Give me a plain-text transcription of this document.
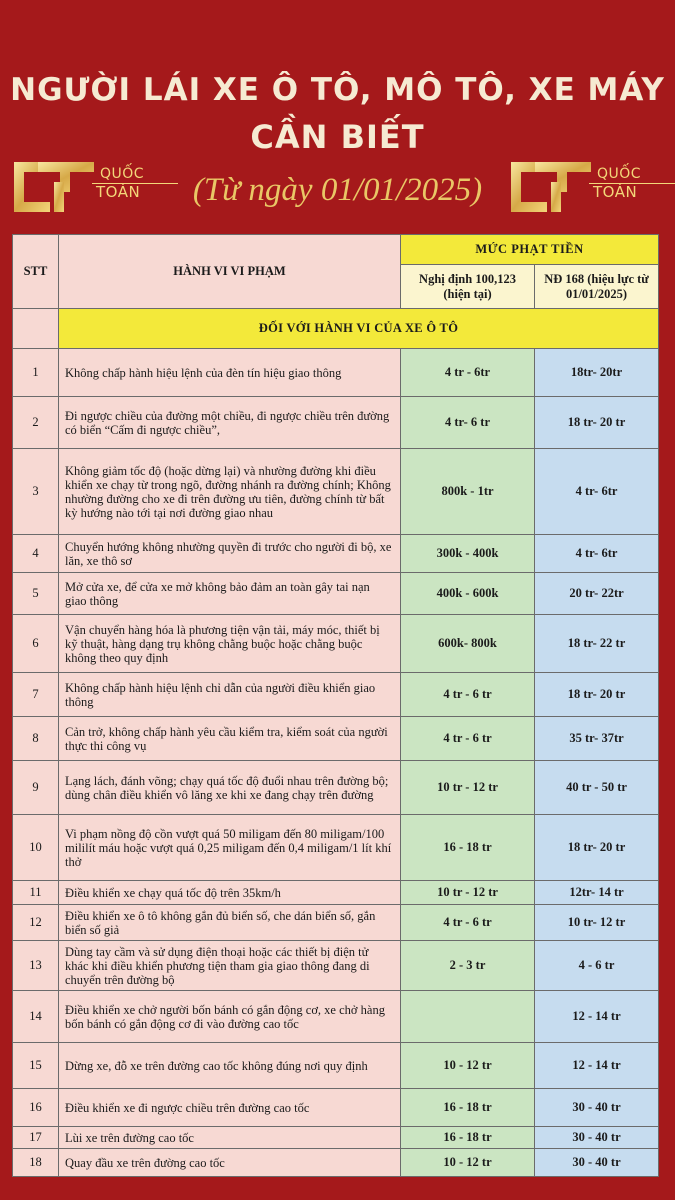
NGƯỜI LÁI XE Ô TÔ, MÔ TÔ, XE MÁY
CẦN BIẾT
QUỐC
TOÀN	(Từ ngày 01/01/2025)	QUỐC
TOÀN
STT	HÀNH VI VI PHẠM	MỨC PHẠT TIỀN	
		Nghị định 100,123 (hiện tại)	NĐ 168 (hiệu lực từ 01/01/2025)
	ĐỐI VỚI HÀNH VI CỦA XE Ô TÔ		
1	Không chấp hành hiệu lệnh của đèn tín hiệu giao thông	4 tr - 6tr	18tr- 20tr
2	Đi ngược chiều của đường một chiều, đi ngược chiều trên đường có biển “Cấm đi ngược chiều”,	4 tr- 6 tr	18 tr- 20 tr
3	Không giảm tốc độ (hoặc dừng lại) và nhường đường khi điều khiển xe chạy từ trong ngõ, đường nhánh ra đường chính; Không nhường đường cho xe đi trên đường ưu tiên, đường chính từ bất kỳ hướng nào tới tại nơi đường giao nhau	800k - 1tr	4 tr- 6tr
4	Chuyển hướng không nhường quyền đi trước cho người đi bộ, xe lăn, xe thô sơ	300k - 400k	4 tr- 6tr
5	Mở cửa xe, để cửa xe mở không bảo đảm an toàn gây tai nạn giao thông	400k - 600k	20 tr- 22tr
6	Vận chuyển hàng hóa là phương tiện vận tải, máy móc, thiết bị kỹ thuật, hàng dạng trụ không chằng buộc hoặc chằng buộc không theo quy định	600k- 800k	18 tr- 22 tr
7	Không chấp hành hiệu lệnh chỉ dẫn của người điều khiển giao thông	4 tr - 6 tr	18 tr- 20 tr
8	Cản trở, không chấp hành yêu cầu kiểm tra, kiểm soát của người thực thi công vụ	4 tr - 6 tr	35 tr- 37tr
9	Lạng lách, đánh võng; chạy quá tốc độ đuổi nhau trên đường bộ; dùng chân điều khiển vô lăng xe khi xe đang chạy trên đường	10 tr - 12 tr	40 tr - 50 tr
10	Vi phạm nồng độ cồn vượt quá 50 miligam đến 80 miligam/100 mililít máu hoặc vượt quá 0,25 miligam đến 0,4 miligam/1 lít khí thở	16 - 18 tr	18 tr- 20 tr
11	Điều khiển xe chạy quá tốc độ trên 35km/h	10 tr - 12 tr	12tr- 14 tr
12	Điều khiển xe ô tô không gắn đủ biển số, che dán biển số, gắn biển số giả	4 tr - 6 tr	10 tr- 12 tr
13	Dùng tay cầm và sử dụng điện thoại hoặc các thiết bị điện tử khác khi điều khiển phương tiện tham gia giao thông đang di chuyển trên đường bộ	2 - 3 tr	4 - 6 tr
14	Điều khiển xe chở người bốn bánh có gắn động cơ, xe chở hàng bốn bánh có gắn động cơ đi vào đường cao tốc		12 - 14 tr
15	Dừng xe, đỗ xe trên đường cao tốc không đúng nơi quy định	10 - 12 tr	12 - 14 tr
16	Điều khiển xe đi ngược chiều trên đường cao tốc	16 - 18 tr	30 - 40 tr
17	Lùi xe trên đường cao tốc	16 - 18 tr	30 - 40 tr
18	Quay đầu xe trên đường cao tốc	10 - 12 tr	30 - 40 tr
